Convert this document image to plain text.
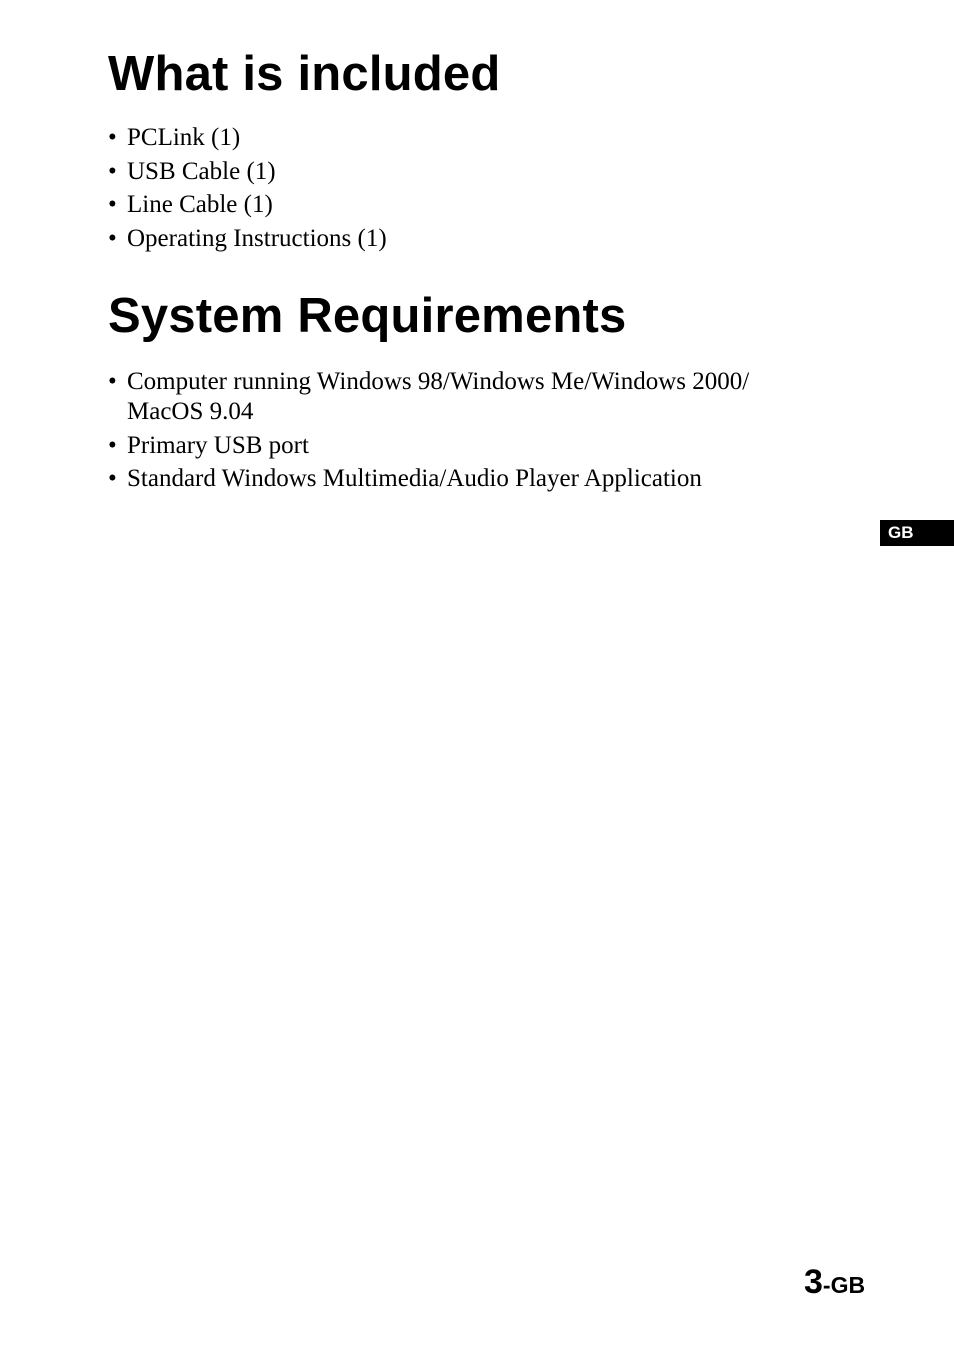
What is included
• PCLink (1)
• USB Cable (1)
• Line Cable (1)
• Operating Instructions (1)
System Requirements
• Computer running Windows 98/Windows Me/Windows 2000/
MacOS 9.04
• Primary USB port
• Standard Windows Multimedia/Audio Player Application
GB
3-GB
